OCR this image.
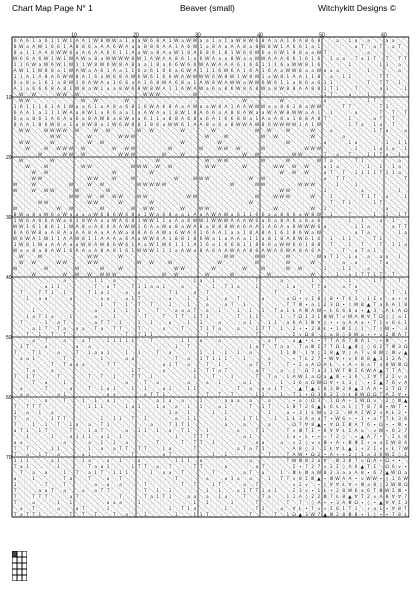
Chart Map Page N° 1	Beaver (small)	Witchykitt Designs ©
10	20	30	40	50	60
10
20
30
40
50
60
70
6 A 6 1 a 6 1 1 W 1 A A 1 W 8 W W a 1 a a W 6 8 A 1 W a W W a a 1 a 1 a W 8 W 6 8 A a A 1 6 A 8 6 8	a 1 a a	a a
8 W a A W 1 6 6 1 A 8 8 6 a A A 6 W A a a 8 8 6 A A 1 A 6 W 1 a 8 A a A A 8 a 8 W 8 W 1 A 6 6 1 a 1	a T a T a T
8 a 1 1 A A 8 W W 6 a A 6 A A 6 6 1 1 A a W a 8 A a W 1 8 A 6 8 6 1 8 1 W 6 6 W 6 a 6 W 1 8 8 a a W T	a
W 6 6 A 6 W 1 W 1 W A W a 8 a W W W W 8 W 1 A W A A 8 6 1 a 6 W A a a 8 W a a W W A A A 6 6 1 6 1 6 1 a a T a 1 T T T T
1 1 6 W a W 6 W 1 W 1 1 W 8 W 6 W 8 A 8 a a 1 8 a 6 6 W 6 6 W A W A A A 6 1 6 6 1 1 1 6 a W W 8 1 6	1	1 1 a
A W 1 1 W 8 8 a 1 W A W a A 6 1 A a 1 1 6 a 6 1 6 6 a 6 W A 1 1 1 6 W 6 A 1 6 A 1 6 A a W W 8 a a W a a a	1	a
1 1 A 1 A 8 A 6 W W 8 A 1 6 a W 6 8 A W 6 W 6 1 6 6 W A W W W W 6 W 8 W 1 W 8 W 1 a W 8 1 A A 1 1 8 a 1 1	T T
6 a 8 a 1 6 1 a 8 W 1 8 A W A a 1 6 6 a A 1 6 8 W A 6 8 a 1 A W 8 W A W W a W W 6 W 6 1 1 a 8 6 a 6 1 1	T T T 1
A 1 a 6 6 6 8 A 8 1 W 8 a W 1 a a 8 W 6 8 W 8 W A 1 1 A W A W a 6 a 8 6 W 8 6 8 W a 8 W 8 8 A A 8 8 1 T 1	T	a 1	1
W W	W W W	W W W	W	1 T	a	1
W W	W W	W	W	W	a	1 T
1 6 1 1 1 6 1 A 1 W a a 6 1 a A 8 a 6 8 1 6 W A 6 8 A a A W a a W 8 A 1 A A W W W a a 8 6 1 8 a W W	T T	T 1
6 A A 1 a 1 1 1 W A a 8 W 1 a 6 6 a a 1 a A W A a 1 8 W 1 8 A 6 6 a A 8 8 A W a a W A W 8 W W a A 1 1	a	T T T
6 a a 8 6 1 A 6 A a 6 a 8 A W 8 a 8 W a a 6 1 1 a 8 8 A 6 8 a 6 A 1 6 6 8 8 a 1 A a A 6 a 1 8 8 A 8 T	1	a T T
8 A A 1 8 6 W 8 a 1 a 8 W 8 a 1 W 6 W 8 8 1 8 6 a W W 6 1 A A 8 a 6 a 8 W W A W 8 6 W W W W 1 A 1 W	1 T a 1 a T
W W	W W W W W	W W	W W	W	W	W W	W	W	a	1 T a	a
W W	W	W W W	W	W	W W	W	a
W W	W	W W	W	W	W	a	1 a	1 1 1
W	W W W W W	W W W	W	W	W W W	W	W W W	1	1 a 1 a 1
W	W W W	W W W	W	W	W W	W W	T a T	1 1 T a 1
W	W	W	W W W	W	W	W T a	T 1	a
W	W	W W	W W W W W	W W	W	W W W W	a 1 a	1 1 1 a
W W	W	W	W W W	a T T 1 1 1 1 T 1 1 a
W W	W W	W	W	W	W W W	W W	a T T	T
W	W	W	W W	W W W W W	W	W W	W W W	1	1
W	W W W	W	W	W W	1	a	1
W W W W W W	W W	W W	W	W W W	W	1	T 1 T a	1
W W	W W	W	W	W	T T 1	1 T
W	W W	W	W W W	W	W W	W	W 1	a
8 W a 8 a W 6 a W a a a a W 6 8 6 W 6 8 a 1 W a 6 8 a a 1 A a A W A W a 6 1 1 6 6 a a 8 6 6 a W 8 W 1	T	1 1 1 T
1 W 6 A 6 6 A W a 6 1 8 W A a a W A 6 8 1 W W 1 1 a A a 6 W W 1 W W W A A A W 6 a 6 a 8 A 6 a 6 a 6	1 1	a 1
W W 1 6 1 8 6 1 1 W A 8 a A 6 6 A A W W 1 6 A a W a 8 a W A 8 a 8 8 8 W A 6 A A 1 A 6 A a 8 W W W 6 a	1 1 a	a T T
6 A 6 W 8 a A 8 A a A A 8 A a A A W a 8 8 A 6 A W a 6 W A 6 1 6 A A 1 a a 1 8 A 8 A 1 6 1 8 6 W a W	a T a	1 a
W 6 W A 1 W 1 1 A A W 8 1 1 A A A a 6 A a W W 6 A 1 8 8 1 8 6 W a 1 a A A a 1 1 a 8 1 8 A 8 W 6 1 6 1 1 1	T 1
1 W 8 1 W a A A A a a W 8 A W 8 6 W 6 1 A a W 1 W 6 1 1 1 A 1 6 a 1 6 6 8 1 1 8 6 6 a W W 6 6 1 8 8 T	1 T	T 1 1 a
W a a 8 a 8 A W 1 6 A A a A 8 A 8 1 6 1 W W W 1 1 1 a A W a 8 A 6 A A W A A 8 6 A W A 6 W A 8 A 6 A	T a T a 1
W	W	W W	W	W W	W W	W	W a T 1 1 a a a a 1
W W	W W	W W	W W	W	W	W	W	W	a a	T a
W	W	W	W	W	W W	W	W	W	W W	1	1 1	a
W	W W W W W W	W W	W	W	W	W	1 a 1 T T 1 T T
a	1 1 a	1 a 1	T	a	1	1	1 T	T
a 1 1	T a T	T 1 1 a a 1	a	1 T 1 a	1	1 a	T T a	a T a
T	T T 1 1	T 1 a 1	a a	T 1	a T	T	T	T	T	T 1
1 a a	a	a a	a 1 T	a	1	1	a T	a	a Ω • v Σ 8 ◊ 8 • T 6 3 1 Σ v a + v
1 T 1 T T	1	1	a	a T 1	T T Ⅲ ∙ a 1 2 3 Ω • ◊ W 8 ▲ T a 6 A 1 8
1	a	1 1 1	T	a a a T a 1	1 1 1 T a 1 Ł A Ⅲ A W + Ł 6 6 8 a + ▲ 3 A Ł A Ω
1 a T 1 a	1	a	1	T	T T T 1 T 1	T 1 1	1 7 Ω 1 3 1 Ⅲ W T v W A Ⅲ ∀ T Ω ◊ ◊ a 1
T	1 a T	a T T 1	1 1	a	1 1	a	a 1	1 1 a 6 A 1 Ⅲ ∀ ◊ • + a A A a • T 1 v 6 Ł 1
a 1 T T a a a T a T T	T	a	T	T 1 T a	a	1 T T 1 2 + ∙ 2 8 Ł • 1 Ⅲ Σ ◊ 1 T ◊ W ∙ 3
T 1 T T	T T 1 1	T	T	Σ v Ω 8 ◊ a 8 ◊ 8 W a + • v 2 Ⅲ A T
a T	a	a T	1 1 1 1 1	T	1 1 a	a	a T	a ▲ • Ł • T T A 6 7 Ⅲ A 1 + Ⅲ	∙
1 T	a	a a	1 T	1 a T T a a T a Ⅲ Σ 7 T Ω 1 ▲ Ⅲ ◊ ◊ 6 2 T Ⅲ 3 Ω
T	T 1	a	T 1 a a 1	1 1	T a	1 1 1 1 a	1 1 Ⅲ 1 ∀ ◊ 1 8 ▲ ∀ ◊ A 7 v 8 W ◊ Ⅲ v ▲
a a 1	T	1	a a	T a 1 T 1 1 1	1	a	+ T Ł 2 7 • W ∀ + v 6 8 8 ▲ 3 1 2 A
T T a a a	T T	a 1 T a	T 1	a T T	T • Σ a A Ω A Ł + A + 8 a T a 8 W Ⅲ Ω
T a	a	1 T	a	1 T T a T	a T	a ◊ Ω 7 a 3 1 W T Ⅲ Σ 6 W A ▲ T T A
T 1 T	T	T T 1	T T 1	1	T	1	T T a 1 A W 1 a Ω a ▲ Ⅲ • 3 6 Σ ∀ T 2 Σ v a
T a	1	a	T a	a	a 1	a 1	1 1 6 a Ω W Ω ∀ + Ł 3 ◊ ∙ Σ ▲ 7 6 v A
a	T	a	T 1 a 1	1 1	a 1	1 1	T a a a 1 T	▲ T ▲ 1 8 3 Ⅲ 2 8 ▲ Σ A A • 2 T Ω 7
a a	a 1	a a	a T T 1	T T T	1 1	1 T 1 ∙ Ω 3 6 2 Σ ◊ Ł Ⅲ W Ω Ω T A Σ ∀ ∙
a	T	1 1 a 1	a 1 a a	1	a a a a	a	• a ◊ Ω 3 1 Ω A + Σ W Ω v 2 ◊ Ⅲ ▲
T T T T	1 1 1	1 a 1	1 a a 1 1	a 1	T 1 T	1 8 T 2 6 ▲ Ł 6 Ł a 1 ◊ T 8 7 8 ∙ W T •
1 a 1 a	1 a 1	1 1	1	a ∙ 3 1 Ł W v 2 2 W A Σ W 2 v A Ł 2 •
T a	1 T T	1 1 1 T 1	a 1 1	1	1 T 1	1 1 Ł 3 A a a T + W 6 + • 1 • a T 7 Ł 3 6
T	1 1 T 1 a a T 1	a	T 1 T 1	a	a	a	Ω T ∀ 8 ▲ ∙ ∀ Ω Σ Ⅲ A T 6 ∙ Ω + ∙ Ⅲ ∙
a T 1 1 T	T	1 a T	a 1 1 1 a T 1	1	a	T 1	T v Ⅲ T Σ • 6 ∀ ∀ Ł Σ A a v W ∙ 6 2 7
1	1	a 1 1 1 a 1 1	1	T T T	a 1	1 a ∙ Ł ∙ + + 7 2 ◊ ∙ ▲ A 7 • Σ Ł 6
a a	a	a 1 1 a	T	T T T 1	a a	a v Σ ◊ v v Ⅲ ∙ A ∙ Ⅲ Ⅲ Σ + a a Σ W 8 6
T T	1 1	1 a a T T T T	1 a	T	a T a T 1	A 8 ◊ 3 Σ Ł ∀ Ł ▲ 1 + 2 Σ v v Ł 7 W
T a 1 T a	a 1	T	a T	1 1	T	T A W • Ω 2 • A + + 2 ◊ 1 a 3 6 W Σ ◊ Σ
1 1 1	a 1	1 a	a 1	a	1 1 1 a	a	T W Ⅲ 8 2 a ∀ Ⅲ 3 8 7 v Ω A + Ω ∙ •
T a 1	1	T a a 1	1 T T a T	T T	a	a T	Σ + 7 2 7 v 2 Σ ◊ A 6 ▲ T Σ Ω 6 v ∙
T a a	1 T a 1 T 1 1 1	1 a a T	T	a T a	1 Ⅲ Ł Ⅲ a W 8 2 3 a a A 8 ∙ 6 7 ▲ W Ω a
a	1	T a	T	a T	T	a	a 1 a a	1 T T v 8 Σ Ⅲ ▲ ∙ Ⅲ W A A • v W W ∙ ◊ 1 6 W
1	T	T	a a a	T	T T	1 T	a T	v 2 v ∙ ◊ ∀ ∀ Ł ∀ + Ⅲ a 8 ◊ 2 W Ⅲ Ω
T	a a T a	a a T T	T 1 1	1 1	a 1 T T 1 a 1	Σ 3 v ∙ 1 Ł + 2 8 W 6 a 6 T Ⅲ W Σ Ⅲ •
T	T T T	a T	T	T a 1 T 1	a a a 1 a	T	T a	1 1 A ◊ 2 2 Ⅲ 7 Ł 8 ▲ ∀ T 2 v A 8 ∀ ∀ 7
T	a	1 1	a a a	1	1 1	1	T	T 7 ◊ A + ∙ 3 A Ⅲ Ω ∙ ◊ • ▲ ∀ ∀ Σ 3
a T	a	a T	1	1 T 1 a	1	T 1	a ∀ Ł • T v + Σ 6 1 T 1 + a 1 ∙ ∀ 8 T
T a T T 1	T T T	T a	1	1	1 1 T	T	T 1 Ω ▲ 3 W 7 ▲ Ⅲ 2 8 Ⅲ 8 ∙ 1 ◊ ∙ ∙ 7 8 Ł
